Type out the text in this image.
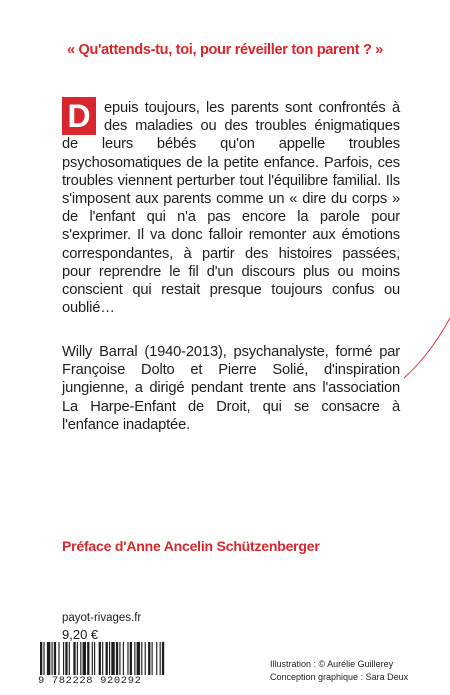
« Qu'attends-tu, toi, pour réveiller ton parent ? »
D epuis toujours, les parents sont confrontés à des maladies ou des troubles énigmatiques de leurs bébés qu'on appelle troubles psychosomatiques de la petite enfance. Parfois, ces troubles viennent perturber tout l'équilibre familial. Ils s'imposent aux parents comme un « dire du corps » de l'enfant qui n'a pas encore la parole pour s'exprimer. Il va donc falloir remonter aux émotions correspondantes, à partir des histoires passées, pour reprendre le fil d'un discours plus ou moins conscient qui restait presque toujours confus ou oublié…
Willy Barral (1940-2013), psychanalyste, formé par Françoise Dolto et Pierre Solié, d'inspiration jungienne, a dirigé pendant trente ans l'association La Harpe-Enfant de Droit, qui se consacre à l'enfance inadaptée.
Préface d'Anne Ancelin Schützenberger
payot-rivages.fr
9,20 €
9 782228 920292
Illustration : © Aurélie Guillerey
Conception graphique : Sara Deux
